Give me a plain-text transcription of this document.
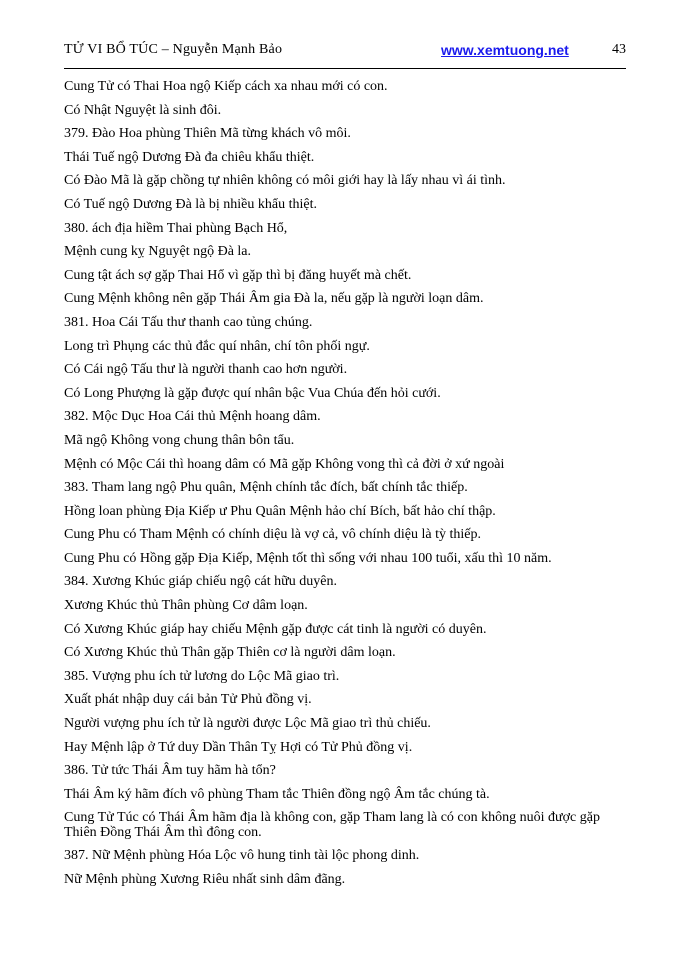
TỬ VI BỔ TÚC – Nguyễn Mạnh Bảo	www.xemtuong.net	43
Cung Tử có Thai Hoa ngộ Kiếp cách xa nhau mới có con.
Có Nhật Nguyệt là sinh đôi.
379. Đào Hoa phùng Thiên Mã từng khách vô môi.
Thái Tuế ngộ Dương Đà đa chiêu khẩu thiệt.
Có Đào Mã là gặp chồng tự nhiên không có môi giới hay là lấy nhau vì ái tình.
Có Tuế ngộ Dương Đà là bị nhiều khẩu thiệt.
380. ách địa hiềm Thai phùng Bạch Hổ,
Mệnh cung kỵ Nguyệt ngộ Đà la.
Cung tật ách sợ gặp Thai Hổ vì gặp thì bị đăng huyết mà chết.
Cung Mệnh không nên gặp Thái Âm gia Đà la, nếu gặp là người loạn dâm.
381. Hoa Cái Tấu thư thanh cao tủng chúng.
Long trì Phụng các thủ đắc quí nhân, chí tôn phối ngự.
Có Cái ngộ Tấu thư là người thanh cao hơn người.
Có Long Phượng là gặp được quí nhân bậc Vua Chúa đến hỏi cưới.
382. Mộc Dục Hoa Cái thủ Mệnh hoang dâm.
Mã ngộ Không vong chung thân bôn tẩu.
Mệnh có Mộc Cái thì hoang dâm có Mã gặp Không vong thì cả đời ở xứ ngoài
383. Tham lang ngộ Phu quân, Mệnh chính tắc đích, bất chính tắc thiếp.
Hồng loan phùng Địa Kiếp ư Phu Quân Mệnh hảo chí Bích, bất hảo chí thập.
Cung Phu có Tham Mệnh có chính diệu là vợ cả, vô chính diệu là tỳ thiếp.
Cung Phu có Hồng gặp Địa Kiếp, Mệnh tốt thì sống với nhau 100 tuổi, xấu thì 10 năm.
384. Xương Khúc giáp chiếu ngộ cát hữu duyên.
Xương Khúc thủ Thân phùng Cơ dâm loạn.
Có Xương Khúc giáp hay chiếu Mệnh gặp được cát tinh là người có duyên.
Có Xương Khúc thủ Thân gặp Thiên cơ là người dâm loạn.
385. Vượng phu ích tử lương do Lộc Mã giao trì.
Xuất phát nhập duy cái bản Tử Phủ đồng vị.
Người vượng phu ích tử là người được Lộc Mã giao trì thủ chiếu.
Hay Mệnh lập ở Tứ duy Dần Thân Tỵ Hợi có Tử Phủ đồng vị.
386. Tử tức Thái Âm tuy hãm hà tổn?
Thái Âm ký hãm đích vô phùng Tham tắc Thiên đồng ngộ Âm tắc chúng tà.
Cung Tử Túc có Thái Âm hãm địa là không con, gặp Tham lang là có con không nuôi được gặp Thiên Đồng Thái Âm thì đông con.
387. Nữ Mệnh phùng Hóa Lộc vô hung tinh tài lộc phong dinh.
Nữ Mệnh phùng Xương Riêu nhất sinh dâm đãng.
